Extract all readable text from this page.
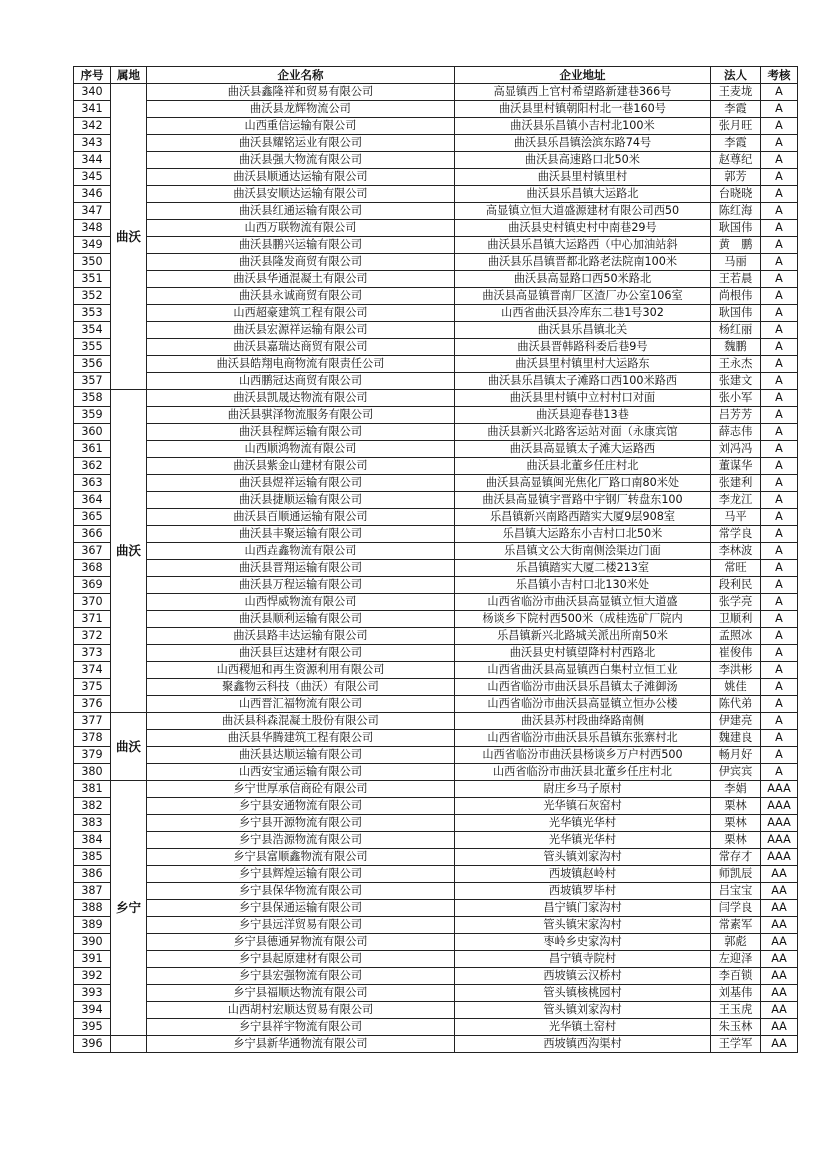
序号	属地	企业名称	企业地址	法人	考核
340	曲沃	曲沃县鑫隆祥和贸易有限公司	高显镇西上官村希望路新建巷366号	王麦垅	A
341		曲沃县龙辉物流公司	曲沃县里村镇朝阳村北一巷160号	李霞	A
342		山西重信运输有限公司	曲沃县乐昌镇小吉村北100米	张月旺	A
343		曲沃县耀铭运业有限公司	曲沃县乐昌镇浍滨东路74号	李霞	A
344		曲沃县强大物流有限公司	曲沃县高速路口北50米	赵尊纪	A
345		曲沃县顺通达运输有限公司	曲沃县里村镇里村	郭芳	A
346		曲沃县安顺达运输有限公司	曲沃县乐昌镇大运路北	台晓晓	A
347		曲沃县红通运输有限公司	高显镇立恒大道盛源建材有限公司西50	陈红海	A
348		山西万联物流有限公司	曲沃县史村镇史村中南巷29号	耿国伟	A
349		曲沃县鹏兴运输有限公司	曲沃县乐昌镇大运路西（中心加油站斜	黄　鹏	A
350		曲沃县隆发商贸有限公司	曲沃县乐昌镇晋都北路老法院南100米	马丽	A
351		曲沃县华通混凝土有限公司	曲沃县高显路口西50米路北	王若晨	A
352		曲沃县永诚商贸有限公司	曲沃县高显镇晋南厂区渣厂办公室106室	尚根伟	A
353		山西超豪建筑工程有限公司	山西省曲沃县冷库东二巷1号302	耿国伟	A
354		曲沃县宏源祥运输有限公司	曲沃县乐昌镇北关	杨红丽	A
355		曲沃县嘉瑞达商贸有限公司	曲沃县晋韩路科委后巷9号	魏鹏	A
356		曲沃县皓翔电商物流有限责任公司	曲沃县里村镇里村大运路东	王永杰	A
357		山西鹏冠达商贸有限公司	曲沃县乐昌镇太子滩路口西100米路西	张建文	A
358	曲沃	曲沃县凯晟达物流有限公司	曲沃县里村镇中立村村口对面	张小军	A
359		曲沃县骐泽物流服务有限公司	曲沃县迎春巷13巷	吕芳芳	A
360		曲沃县程辉运输有限公司	曲沃县新兴北路客运站对面（永康宾馆	薛志伟	A
361		山西顺鸿物流有限公司	曲沃县高显镇太子滩大运路西	刘冯冯	A
362		曲沃县紫金山建材有限公司	曲沃县北董乡任庄村北	董谋华	A
363		曲沃县煜祥运输有限公司	曲沃县高显镇闽光焦化厂路口南80米处	张建利	A
364		曲沃县捷顺运输有限公司	曲沃县高显镇宇晋路中宇钢厂转盘东100	李龙江	A
365		曲沃县百顺通运输有限公司	乐昌镇新兴南路西踏实大厦9层908室	马平	A
366		曲沃县丰聚运输有限公司	乐昌镇大运路东小吉村口北50米	常学良	A
367		山西垚鑫物流有限公司	乐昌镇文公大街南侧浍渠边门面	李林波	A
368		曲沃县晋翔运输有限公司	乐昌镇踏实大厦二楼213室	常旺	A
369		曲沃县万程运输有限公司	乐昌镇小吉村口北130米处	段利民	A
370		山西悍威物流有限公司	山西省临汾市曲沃县高显镇立恒大道盛	张学亮	A
371		曲沃县顺利运输有限公司	杨谈乡下院村西500米（成桂选矿厂院内	卫顺利	A
372		曲沃县路丰达运输有限公司	乐昌镇新兴北路城关派出所南50米	孟照冰	A
373		曲沃县巨达建材有限公司	曲沃县史村镇望降村村西路北	崔俊伟	A
374		山西稷旭和再生资源利用有限公司	山西省曲沃县高显镇西白集村立恒工业	李洪彬	A
375		聚鑫物云科技（曲沃）有限公司	山西省临汾市曲沃县乐昌镇太子滩御汤	姚佳	A
376		山西晋汇福物流有限公司	山西省临汾市曲沃县高显镇立恒办公楼	陈代弟	A
377	曲沃	曲沃县科森混凝土股份有限公司	曲沃县苏村段曲绛路南侧	伊建亮	A
378		曲沃县华腾建筑工程有限公司	山西省临汾市曲沃县乐昌镇东张寨村北	魏建良	A
379		曲沃县达顺运输有限公司	山西省临汾市曲沃县杨谈乡万户村西500	畅月好	A
380		山西安宝通运输有限公司	山西省临汾市曲沃县北董乡任庄村北	伊宾宾	A
381	乡宁	乡宁世厚承信商砼有限公司	尉庄乡马子原村	李娟	AAA
382		乡宁县安通物流有限公司	光华镇石灰窑村	栗林	AAA
383		乡宁县开源物流有限公司	光华镇光华村	栗林	AAA
384		乡宁县浩源物流有限公司	光华镇光华村	栗林	AAA
385		乡宁县富顺鑫物流有限公司	管头镇刘家沟村	常存才	AAA
386		乡宁县辉煌运输有限公司	西坡镇赵岭村	师凯辰	AA
387		乡宁县保华物流有限公司	西坡镇罗毕村	吕宝宝	AA
388		乡宁县保通运输有限公司	昌宁镇门家沟村	闫学良	AA
389		乡宁县远洋贸易有限公司	管头镇宋家沟村	常素军	AA
390		乡宁县德通昇物流有限公司	枣岭乡史家沟村	郭彪	AA
391		乡宁县起原建材有限公司	昌宁镇寺院村	左迎泽	AA
392		乡宁县宏强物流有限公司	西坡镇云汉桥村	李百锁	AA
393		乡宁县福顺达物流有限公司	管头镇核桃园村	刘基伟	AA
394		山西胡村宏顺达贸易有限公司	管头镇刘家沟村	王玉虎	AA
395		乡宁县祥宇物流有限公司	光华镇土窑村	朱玉林	AA
396		乡宁县新华通物流有限公司	西坡镇西沟渠村	王学军	AA
